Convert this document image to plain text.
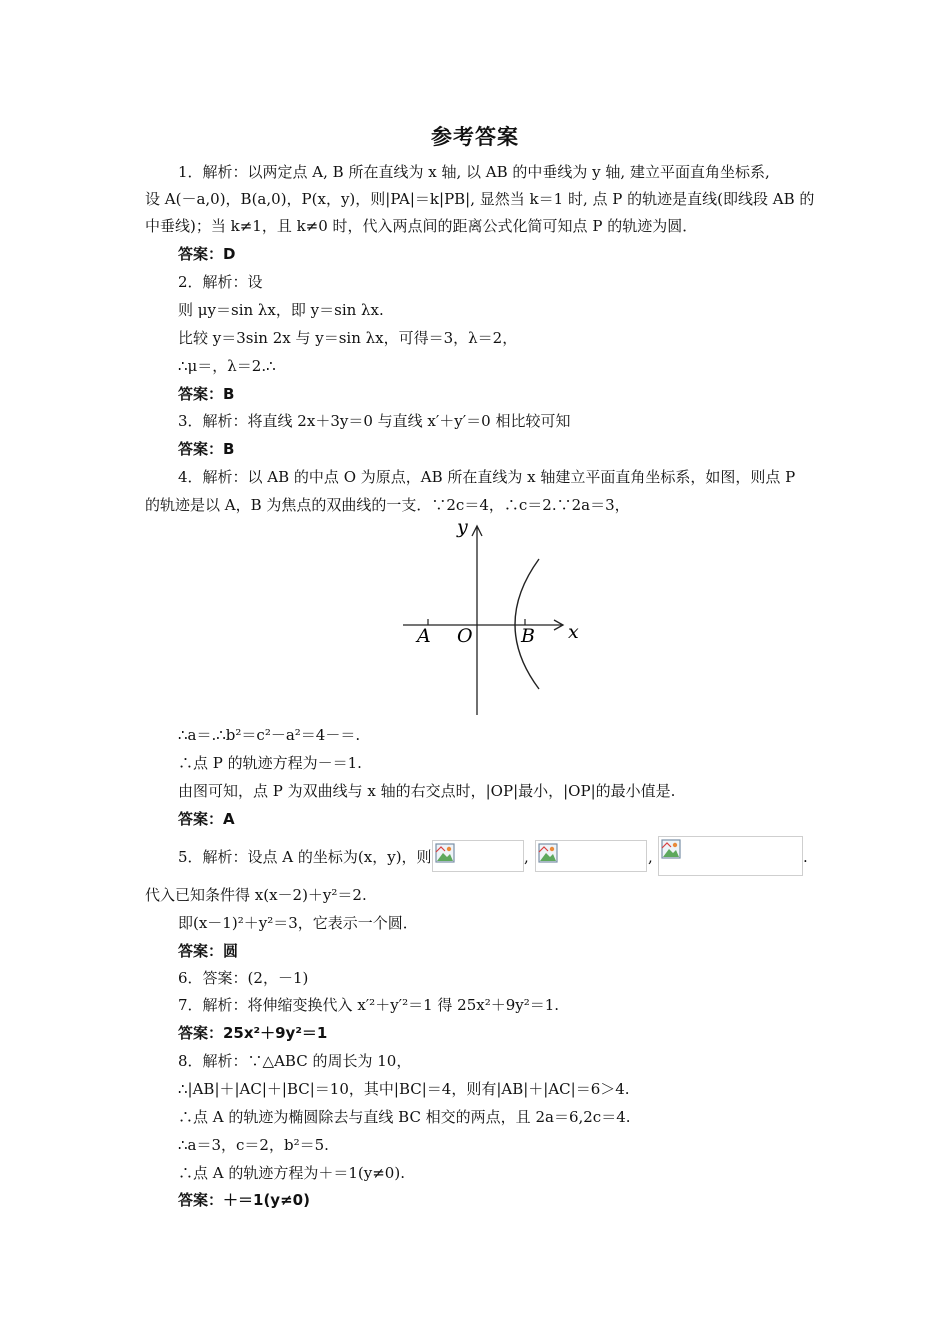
参考答案
1．解析：以两定点 A, B 所在直线为 x 轴, 以 AB 的中垂线为 y 轴, 建立平面直角坐标系,
设 A(－a,0)，B(a,0)，P(x，y)，则|PA|＝k|PB|, 显然当 k＝1 时, 点 P 的轨迹是直线(即线段 AB 的
中垂线)；当 k≠1，且 k≠0 时，代入两点间的距离公式化简可知点 P 的轨迹为圆．
答案：D
2．解析：设
则 μy＝sin λx，即 y＝sin λx.
比较 y＝3sin 2x 与 y＝sin λx，可得＝3，λ＝2，
∴μ＝，λ＝2.∴
答案：B
3．解析：将直线 2x＋3y＝0 与直线 x′＋y′＝0 相比较可知
答案：B
4．解析：以 AB 的中点 O 为原点，AB 所在直线为 x 轴建立平面直角坐标系，如图，则点 P
的轨迹是以 A，B 为焦点的双曲线的一支．∵2c＝4，∴c＝2.∵2a＝3，
y
x
A O	B
∴a＝.∴b²＝c²－a²＝4－＝.
∴点 P 的轨迹方程为－＝1.
由图可知，点 P 为双曲线与 x 轴的右交点时，|OP|最小，|OP|的最小值是.
答案：A
5．解析：设点 A 的坐标为(x，y)，则	,	,	.
代入已知条件得 x(x－2)＋y²＝2.
即(x－1)²＋y²＝3，它表示一个圆．
答案：圆
6．答案：(2，－1)
7．解析：将伸缩变换代入 x′²＋y′²＝1 得 25x²＋9y²＝1.
答案：25x²＋9y²＝1
8．解析：∵△ABC 的周长为 10，
∴|AB|＋|AC|＋|BC|＝10，其中|BC|＝4，则有|AB|＋|AC|＝6＞4.
∴点 A 的轨迹为椭圆除去与直线 BC 相交的两点，且 2a＝6,2c＝4.
∴a＝3，c＝2，b²＝5.
∴点 A 的轨迹方程为＋＝1(y≠0).
答案：＋＝1(y≠0)
